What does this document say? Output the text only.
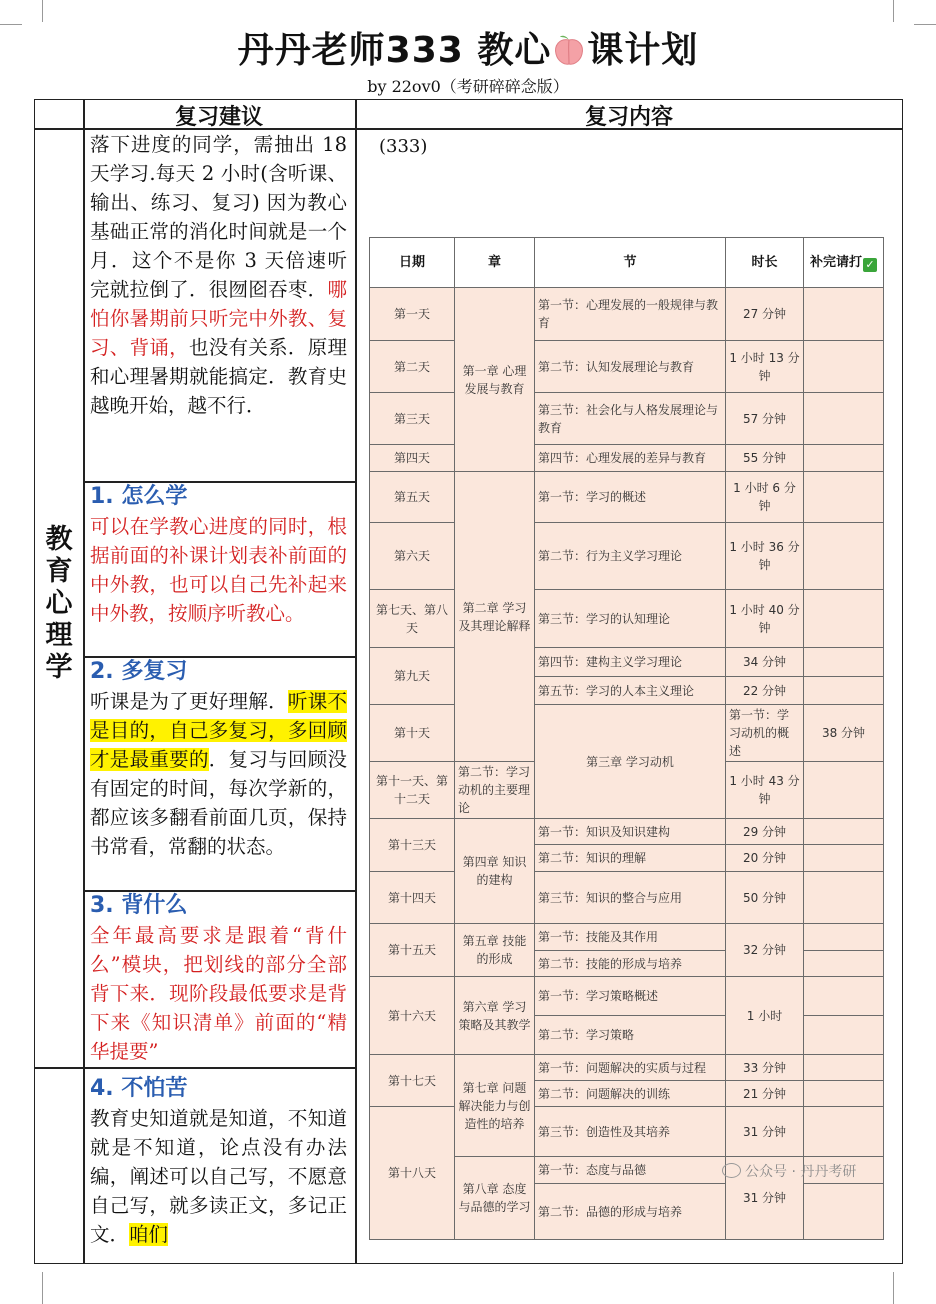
丹丹老师333 教心 课计划
by 22ov0（考研碎碎念版）
复习建议	复习内容
教
育
心
理
学
落下进度的同学，需抽出 18 天学习.每天 2 小时(含听课、输出、练习、复习) 因为教心基础正常的消化时间就是一个月．这个不是你 3 天倍速听完就拉倒了．很囫囵吞枣．哪怕你暑期前只听完中外教、复习、背诵，也没有关系．原理和心理暑期就能搞定．教育史越晚开始，越不行．
1. 怎么学
可以在学教心进度的同时，根据前面的补课计划表补前面的中外教，也可以自己先补起来中外教，按顺序听教心。
2. 多复习
听课是为了更好理解．听课不是目的，自己多复习，多回顾才是最重要的．复习与回顾没有固定的时间，每次学新的，都应该多翻看前面几页，保持书常看，常翻的状态。
3. 背什么
全年最高要求是跟着“背什么”模块，把划线的部分全部背下来．现阶段最低要求是背下来《知识清单》前面的“精华提要”
4. 不怕苦
教育史知道就是知道，不知道就是不知道，论点没有办法编，阐述可以自己写，不愿意自己写，就多读正文，多记正文．咱们
(333)
日期	章	节	时长	补完请打 ✓	
第一天	第一章 心理发展与教育	第一节：心理发展的一般规律与教育	27 分钟		
第二天		第二节：认知发展理论与教育	1 小时 13 分钟		
第三天		第三节：社会化与人格发展理论与教育	57 分钟		
第四天		第四节：心理发展的差异与教育	55 分钟		
第五天	第二章 学习及其理论解释	第一节：学习的概述	1 小时 6 分钟		
第六天		第二节：行为主义学习理论	1 小时 36 分钟		
第七天、第八天		第三节：学习的认知理论	1 小时 40 分钟		
第九天		第四节：建构主义学习理论	34 分钟		
		第五节：学习的人本主义理论	22 分钟		
第十天		第三章 学习动机	第一节：学习动机的概述	38 分钟	
第十一天、第十二天	第二节：学习动机的主要理论		1 小时 43 分钟		
第十三天	第四章 知识的建构	第一节：知识及知识建构	29 分钟		
		第二节：知识的理解	20 分钟		
第十四天		第三节：知识的整合与应用	50 分钟		
第十五天	第五章 技能的形成	第一节：技能及其作用	32 分钟		
		第二节：技能的形成与培养			
第十六天	第六章 学习策略及其教学	第一节：学习策略概述	1 小时		
		第二节：学习策略			
第十七天	第七章 问题解决能力与创造性的培养	第一节：问题解决的实质与过程	33 分钟		
		第二节：问题解决的训练	21 分钟		
第十八天		第三节：创造性及其培养	31 分钟		
	第八章 态度与品德的学习	第一节：态度与品德	31 分钟		
		第二节：品德的形成与培养			
公众号 · 丹丹考研
